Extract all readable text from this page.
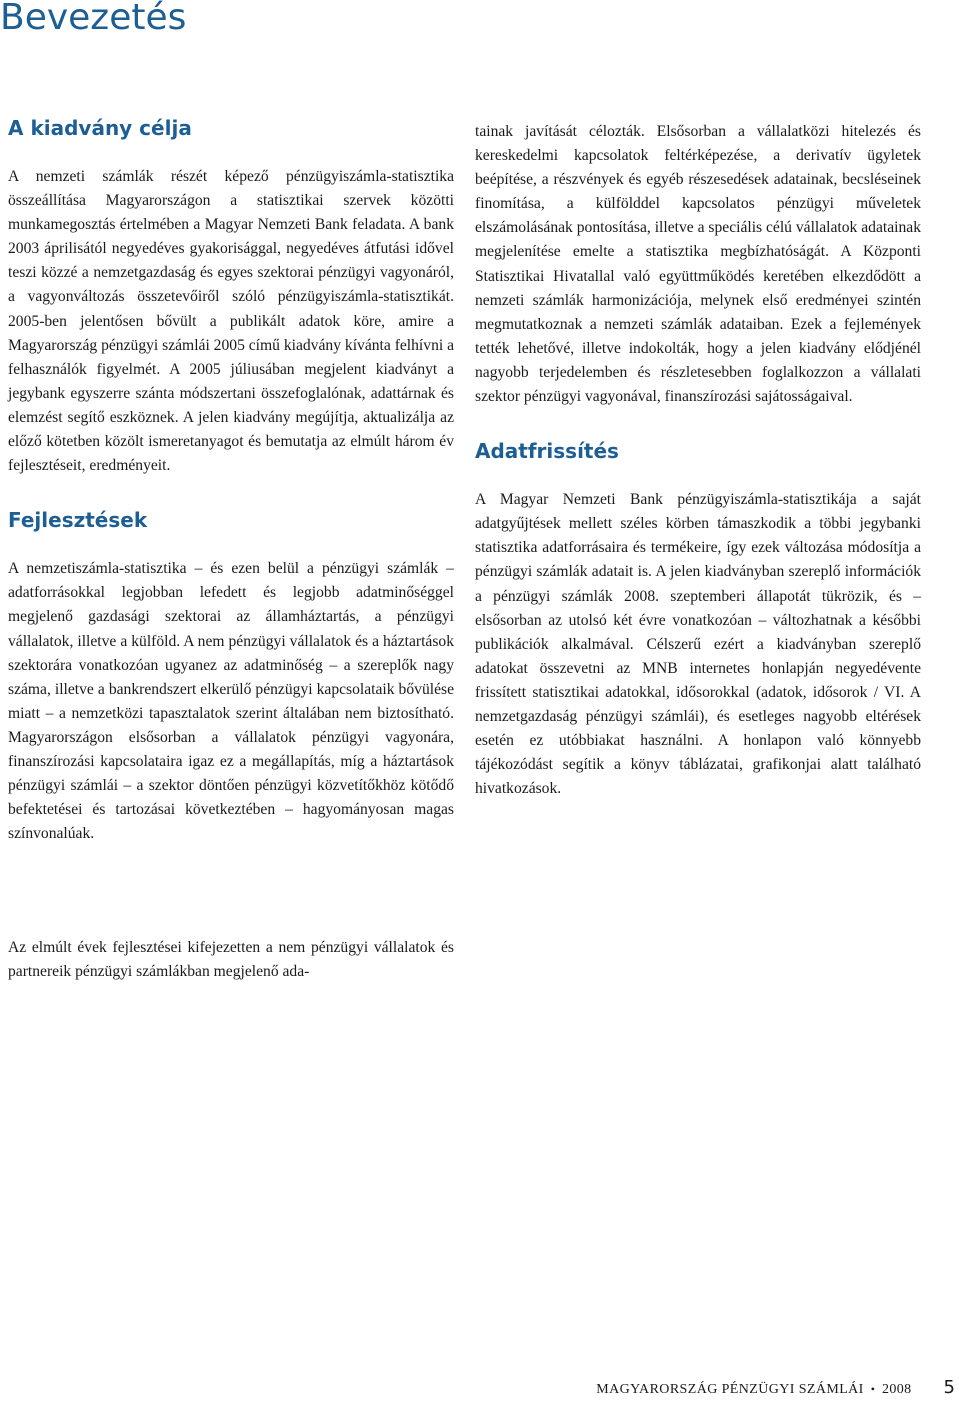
Bevezetés
A kiadvány célja

A nemzeti számlák részét képező pénzügyiszámla-statisztika összeállítása Magyarországon a statisztikai szervek közötti munkamegosztás értelmében a Magyar Nemzeti Bank feladata. A bank 2003 áprilisától negyedéves gyakorisággal, negyedéves átfutási idővel teszi közzé a nemzetgazdaság és egyes szektorai pénzügyi vagyonáról, a vagyonváltozás összetevőiről szóló pénzügyiszámla-statisztikát. 2005-ben jelentősen bővült a publikált adatok köre, amire a Magyarország pénzügyi számlái 2005 című kiadvány kívánta felhívni a felhasználók figyelmét. A 2005 júliusában megjelent kiadványt a jegybank egyszerre szánta módszertani összefoglalónak, adattárnak és elemzést segítő eszköznek. A jelen kiadvány megújítja, aktualizálja az előző kötetben közölt ismeretanyagot és bemutatja az elmúlt három év fejlesztéseit, eredményeit.

Fejlesztések

A nemzetiszámla-statisztika – és ezen belül a pénzügyi számlák – adatforrásokkal legjobban lefedett és legjobb adatminőséggel megjelenő gazdasági szektorai az államháztartás, a pénzügyi vállalatok, illetve a külföld. A nem pénzügyi vállalatok és a háztartások szektorára vonatkozóan ugyanez az adatminőség – a szereplők nagy száma, illetve a bankrendszert elkerülő pénzügyi kapcsolataik bővülése miatt – a nemzetközi tapasztalatok szerint általában nem biztosítható. Magyarországon elsősorban a vállalatok pénzügyi vagyonára, finanszírozási kapcsolataira igaz ez a megállapítás, míg a háztartások pénzügyi számlái – a szektor döntően pénzügyi közvetítőkhöz kötődő befektetései és tartozásai következtében – hagyományosan magas színvonalúak.

Az elmúlt évek fejlesztései kifejezetten a nem pénzügyi vállalatok és partnereik pénzügyi számlákban megjelenő ada-

tainak javítását célozták. Elsősorban a vállalatközi hitelezés és kereskedelmi kapcsolatok feltérképezése, a derivatív ügyletek beépítése, a részvények és egyéb részesedések adatainak, becsléseinek finomítása, a külfölddel kapcsolatos pénzügyi műveletek elszámolásának pontosítása, illetve a speciális célú vállalatok adatainak megjelenítése emelte a statisztika megbízhatóságát. A Központi Statisztikai Hivatallal való együttműködés keretében elkezdődött a nemzeti számlák harmonizációja, melynek első eredményei szintén megmutatkoznak a nemzeti számlák adataiban. Ezek a fejlemények tették lehetővé, illetve indokolták, hogy a jelen kiadvány elődjénél nagyobb terjedelemben és részletesebben foglalkozzon a vállalati szektor pénzügyi vagyonával, finanszírozási sajátosságaival.

Adatfrissítés

A Magyar Nemzeti Bank pénzügyiszámla-statisztikája a saját adatgyűjtések mellett széles körben támaszkodik a többi jegybanki statisztika adatforrásaira és termékeire, így ezek változása módosítja a pénzügyi számlák adatait is. A jelen kiadványban szereplő információk a pénzügyi számlák 2008. szeptemberi állapotát tükrözik, és – elsősorban az utolsó két évre vonatkozóan – változhatnak a későbbi publikációk alkalmával. Célszerű ezért a kiadványban szereplő adatokat összevetni az MNB internetes honlapján negyedévente frissített statisztikai adatokkal, idősorokkal (adatok, idősorok / VI. A nemzetgazdaság pénzügyi számlái), és esetleges nagyobb eltérések esetén ez utóbbiakat használni. A honlapon való könnyebb tájékozódást segítik a könyv táblázatai, grafikonjai alatt található hivatkozások.

MAGYARORSZÁG PÉNZÜGYI SZÁMLÁI • 2008 5
